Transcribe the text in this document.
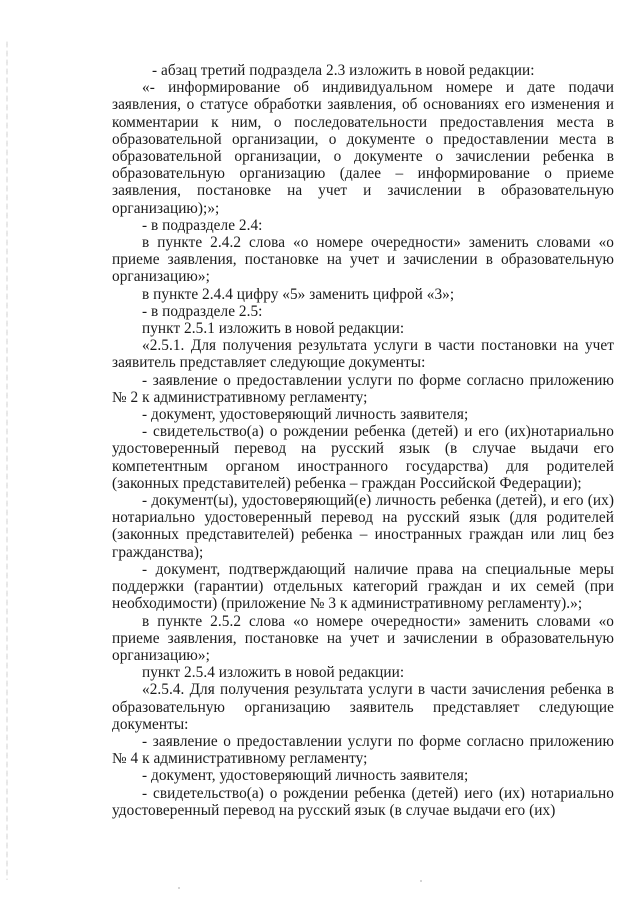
- абзац третий подраздела 2.3 изложить в новой редакции:

«- информирование об индивидуальном номере и дате подачи заявления, о статусе обработки заявления, об основаниях его изменения и комментарии к ним, о последовательности предоставления места в образовательной организации, о документе о предоставлении места в образовательной организации, о документе о зачислении ребенка в образовательную организацию (далее – информирование о приеме заявления, постановке на учет и зачислении в образовательную организацию);»;

- в подразделе 2.4:

в пункте 2.4.2 слова «о номере очередности» заменить словами «о приеме заявления, постановке на учет и зачислении в образовательную организацию»;

в пункте 2.4.4 цифру «5» заменить цифрой «3»;

- в подразделе 2.5:

пункт 2.5.1 изложить в новой редакции:

«2.5.1. Для получения результата услуги в части постановки на учет заявитель представляет следующие документы:

- заявление о предоставлении услуги по форме согласно приложению № 2 к административному регламенту;

- документ, удостоверяющий личность заявителя;

- свидетельство(а) о рождении ребенка (детей) и его (их)нотариально удостоверенный перевод на русский язык (в случае выдачи его компетентным органом иностранного государства) для родителей (законных представителей) ребенка – граждан Российской Федерации);

- документ(ы), удостоверяющий(е) личность ребенка (детей), и его (их) нотариально удостоверенный перевод на русский язык (для родителей (законных представителей) ребенка – иностранных граждан или лиц без гражданства);

- документ, подтверждающий наличие права на специальные меры поддержки (гарантии) отдельных категорий граждан и их семей (при необходимости) (приложение № 3 к административному регламенту).»;

в пункте 2.5.2 слова «о номере очередности» заменить словами «о приеме заявления, постановке на учет и зачислении в образовательную организацию»;

пункт 2.5.4 изложить в новой редакции:

«2.5.4. Для получения результата услуги в части зачисления ребенка в образовательную организацию заявитель представляет следующие документы:

- заявление о предоставлении услуги по форме согласно приложению № 4 к административному регламенту;

- документ, удостоверяющий личность заявителя;

- свидетельство(а) о рождении ребенка (детей) иего (их) нотариально удостоверенный перевод на русский язык (в случае выдачи его (их)
